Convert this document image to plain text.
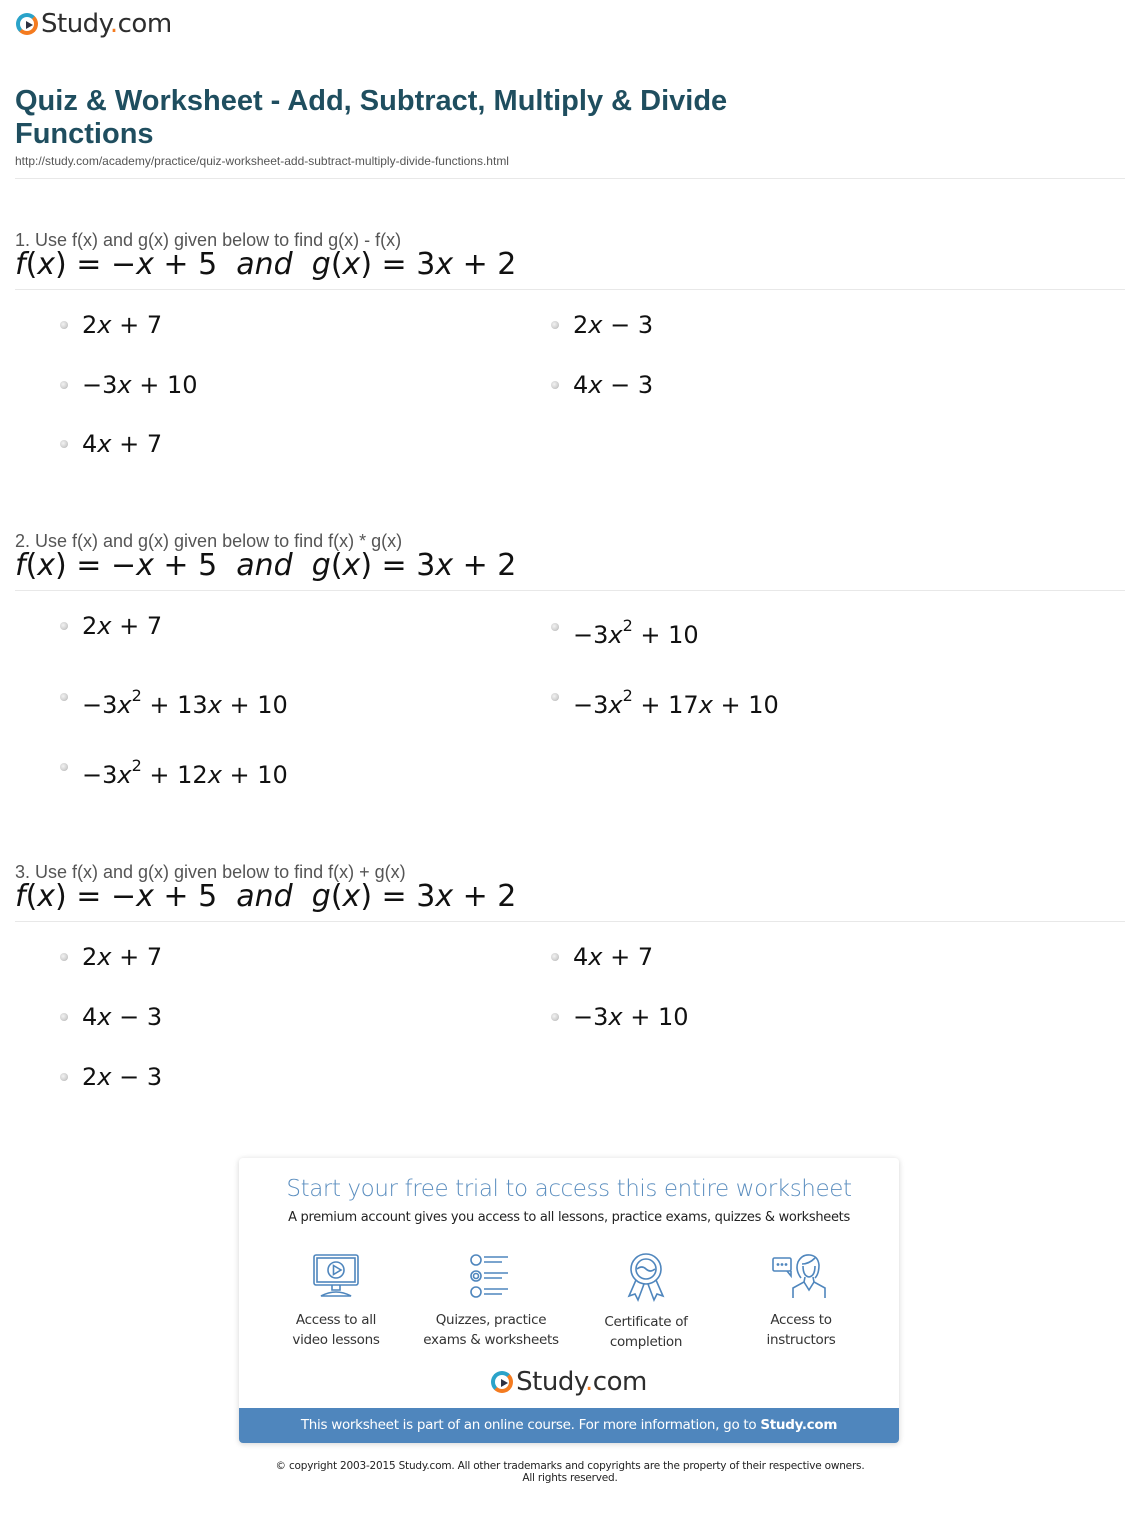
Study.com
Quiz & Worksheet - Add, Subtract, Multiply & Divide Functions
http://study.com/academy/practice/quiz-worksheet-add-subtract-multiply-divide-functions.html
1. Use f(x) and g(x) given below to find g(x) - f(x)
f(x) = −x + 5  and g(x) = 3x + 2
2x + 7	2x − 3
−3x + 10	4x − 3
4x + 7
2. Use f(x) and g(x) given below to find f(x) * g(x)
f(x) = −x + 5  and g(x) = 3x + 2
2x + 7	$-3x^2 + 10$
$-3x^2 + 13x + 10$	$-3x^2 + 17x + 10$
$-3x^2 + 12x + 10$
3. Use f(x) and g(x) given below to find f(x) + g(x)
f(x) = −x + 5  and g(x) = 3x + 2
2x + 7	4x + 7
4x − 3	−3x + 10
2x − 3
Start your free trial to access this entire worksheet
A premium account gives you access to all lessons, practice exams, quizzes & worksheets
Access to all
video lessons
Quizzes, practice
exams & worksheets
Certificate of
completion
Access to
instructors
Study.com
This worksheet is part of an online course. For more information, go to Study.com
© copyright 2003-2015 Study.com. All other trademarks and copyrights are the property of their respective owners.
All rights reserved.
